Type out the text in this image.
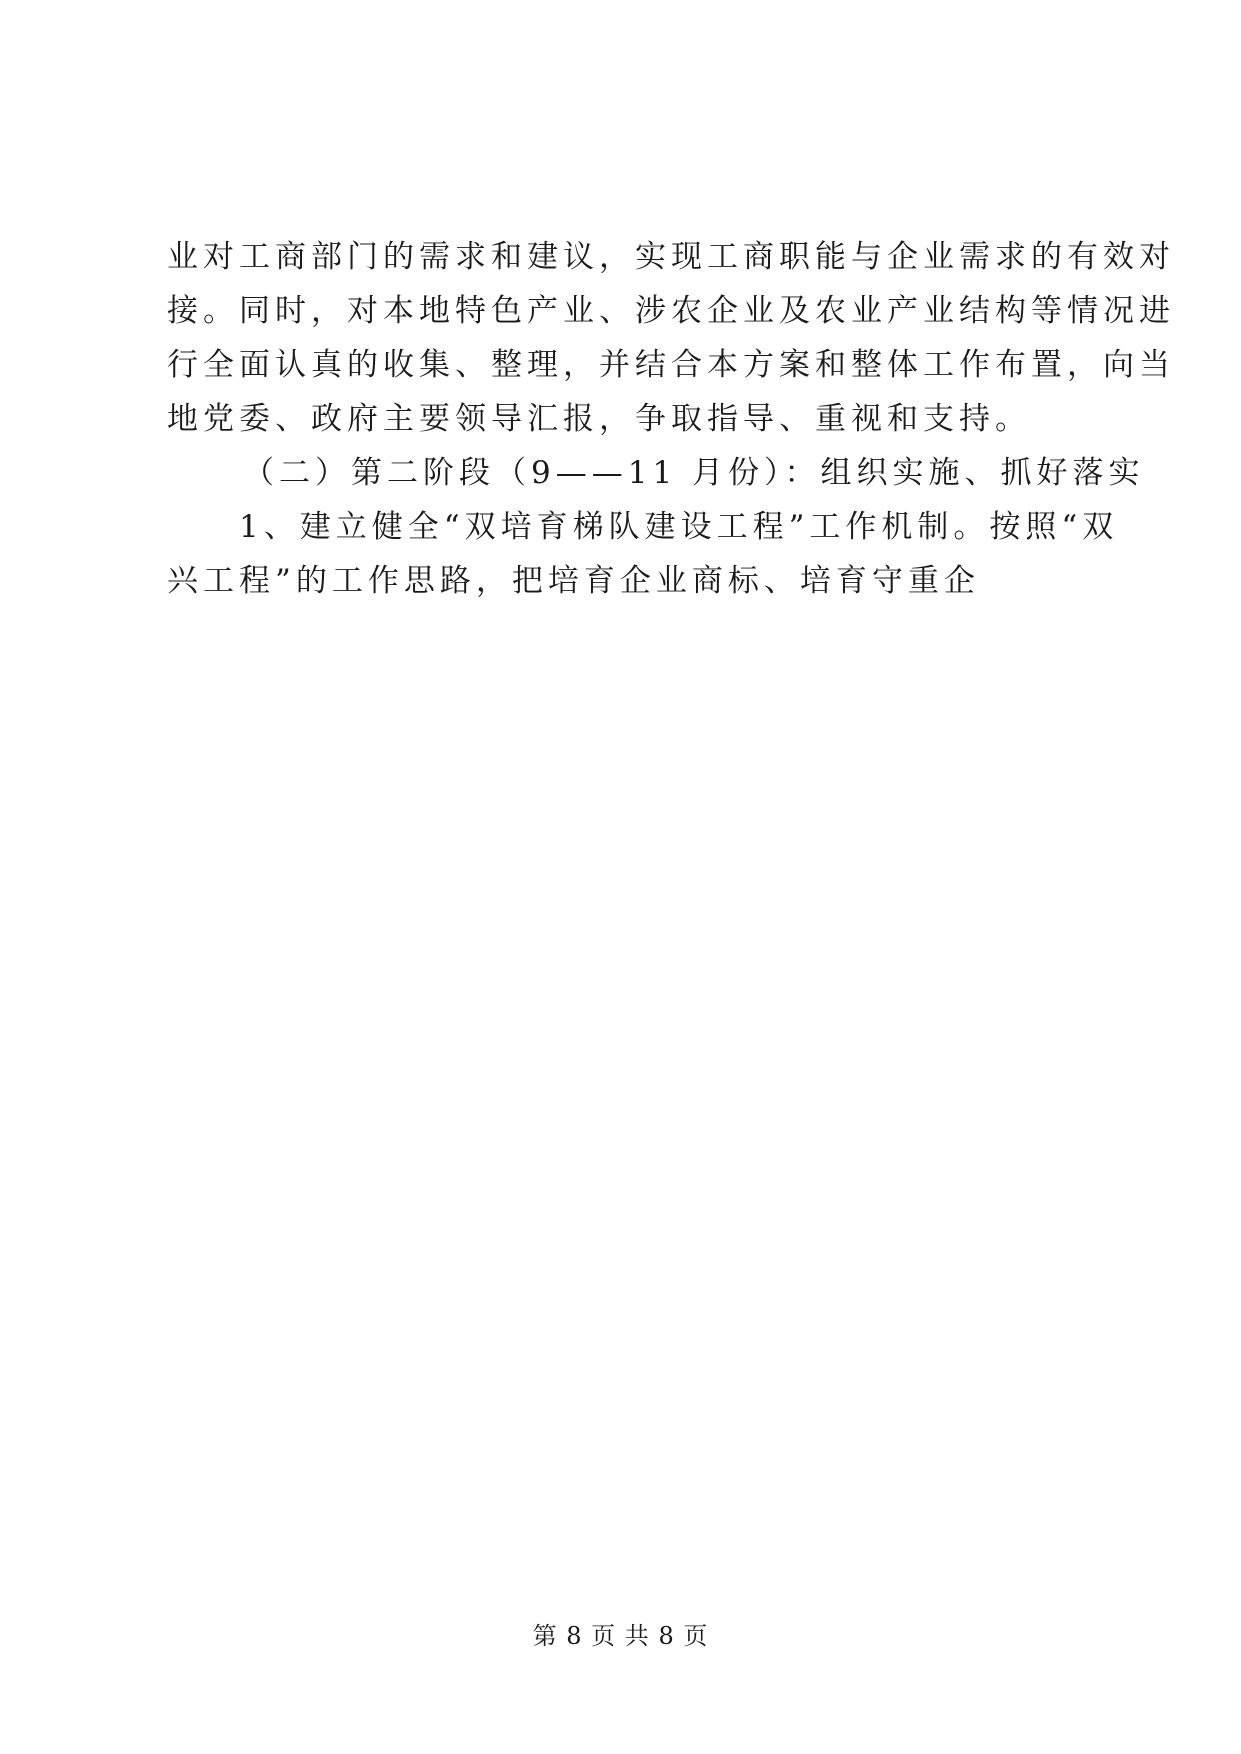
业对工商部门的需求和建议，实现工商职能与企业需求的有效对
接。同时，对本地特色产业、涉农企业及农业产业结构等情况进
行全面认真的收集、整理，并结合本方案和整体工作布置，向当
地党委、政府主要领导汇报，争取指导、重视和支持。
（二）第二阶段（9——11 月份）：组织实施、抓好落实
1、建立健全“双培育梯队建设工程”工作机制。按照“双
兴工程”的工作思路，把培育企业商标、培育守重企
第 8 页 共 8 页
